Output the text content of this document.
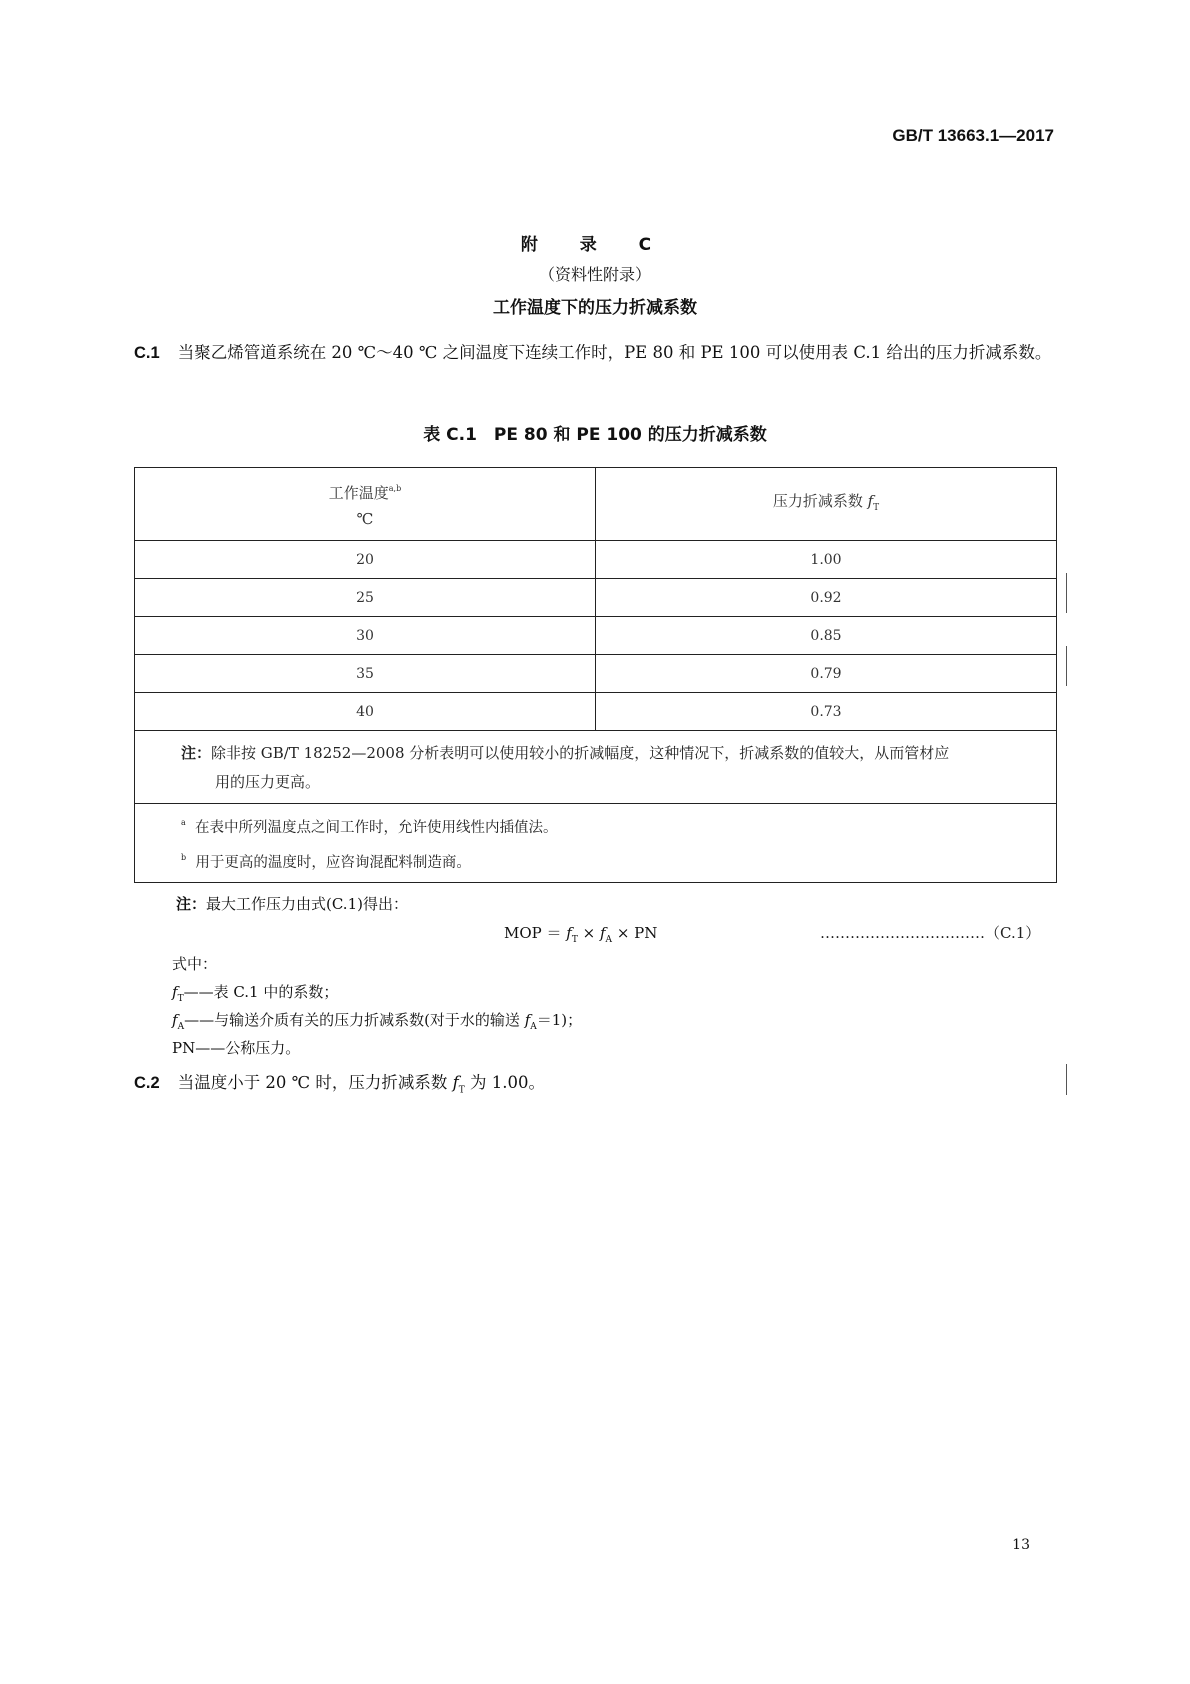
GB/T 13663.1—2017
附 录 C
（资料性附录）
工作温度下的压力折减系数
C.1 当聚乙烯管道系统在 20 ℃～40 ℃ 之间温度下连续工作时，PE 80 和 PE 100 可以使用表 C.1 给出的压力折减系数。
表 C.1　PE 80 和 PE 100 的压力折减系数
工作温度$^{a,b}$
℃	压力折减系数 $f_T$
20	1.00
25	0.92
30	0.85
35	0.79
40	0.73
注：除非按 GB/T 18252—2008 分析表明可以使用较小的折减幅度，这种情况下，折减系数的值较大，从而管材应
用的压力更高。	

$^a$ 在表中所列温度点之间工作时，允许使用线性内插值法。
$^b$ 用于更高的温度时，应咨询混配料制造商。	
注：最大工作压力由式(C.1)得出：
MOP ＝ $f_T \times f_A$ × PN	……………………………（C.1）
式中：
$f_T——$表 C.1 中的系数；
$f_A——$与输送介质有关的压力折减系数(对于水的输送 $f_A=1$)；
PN——公称压力。
C.2 当温度小于 20 ℃ 时，压力折减系数 $f_T$ 为 1.00。
13
